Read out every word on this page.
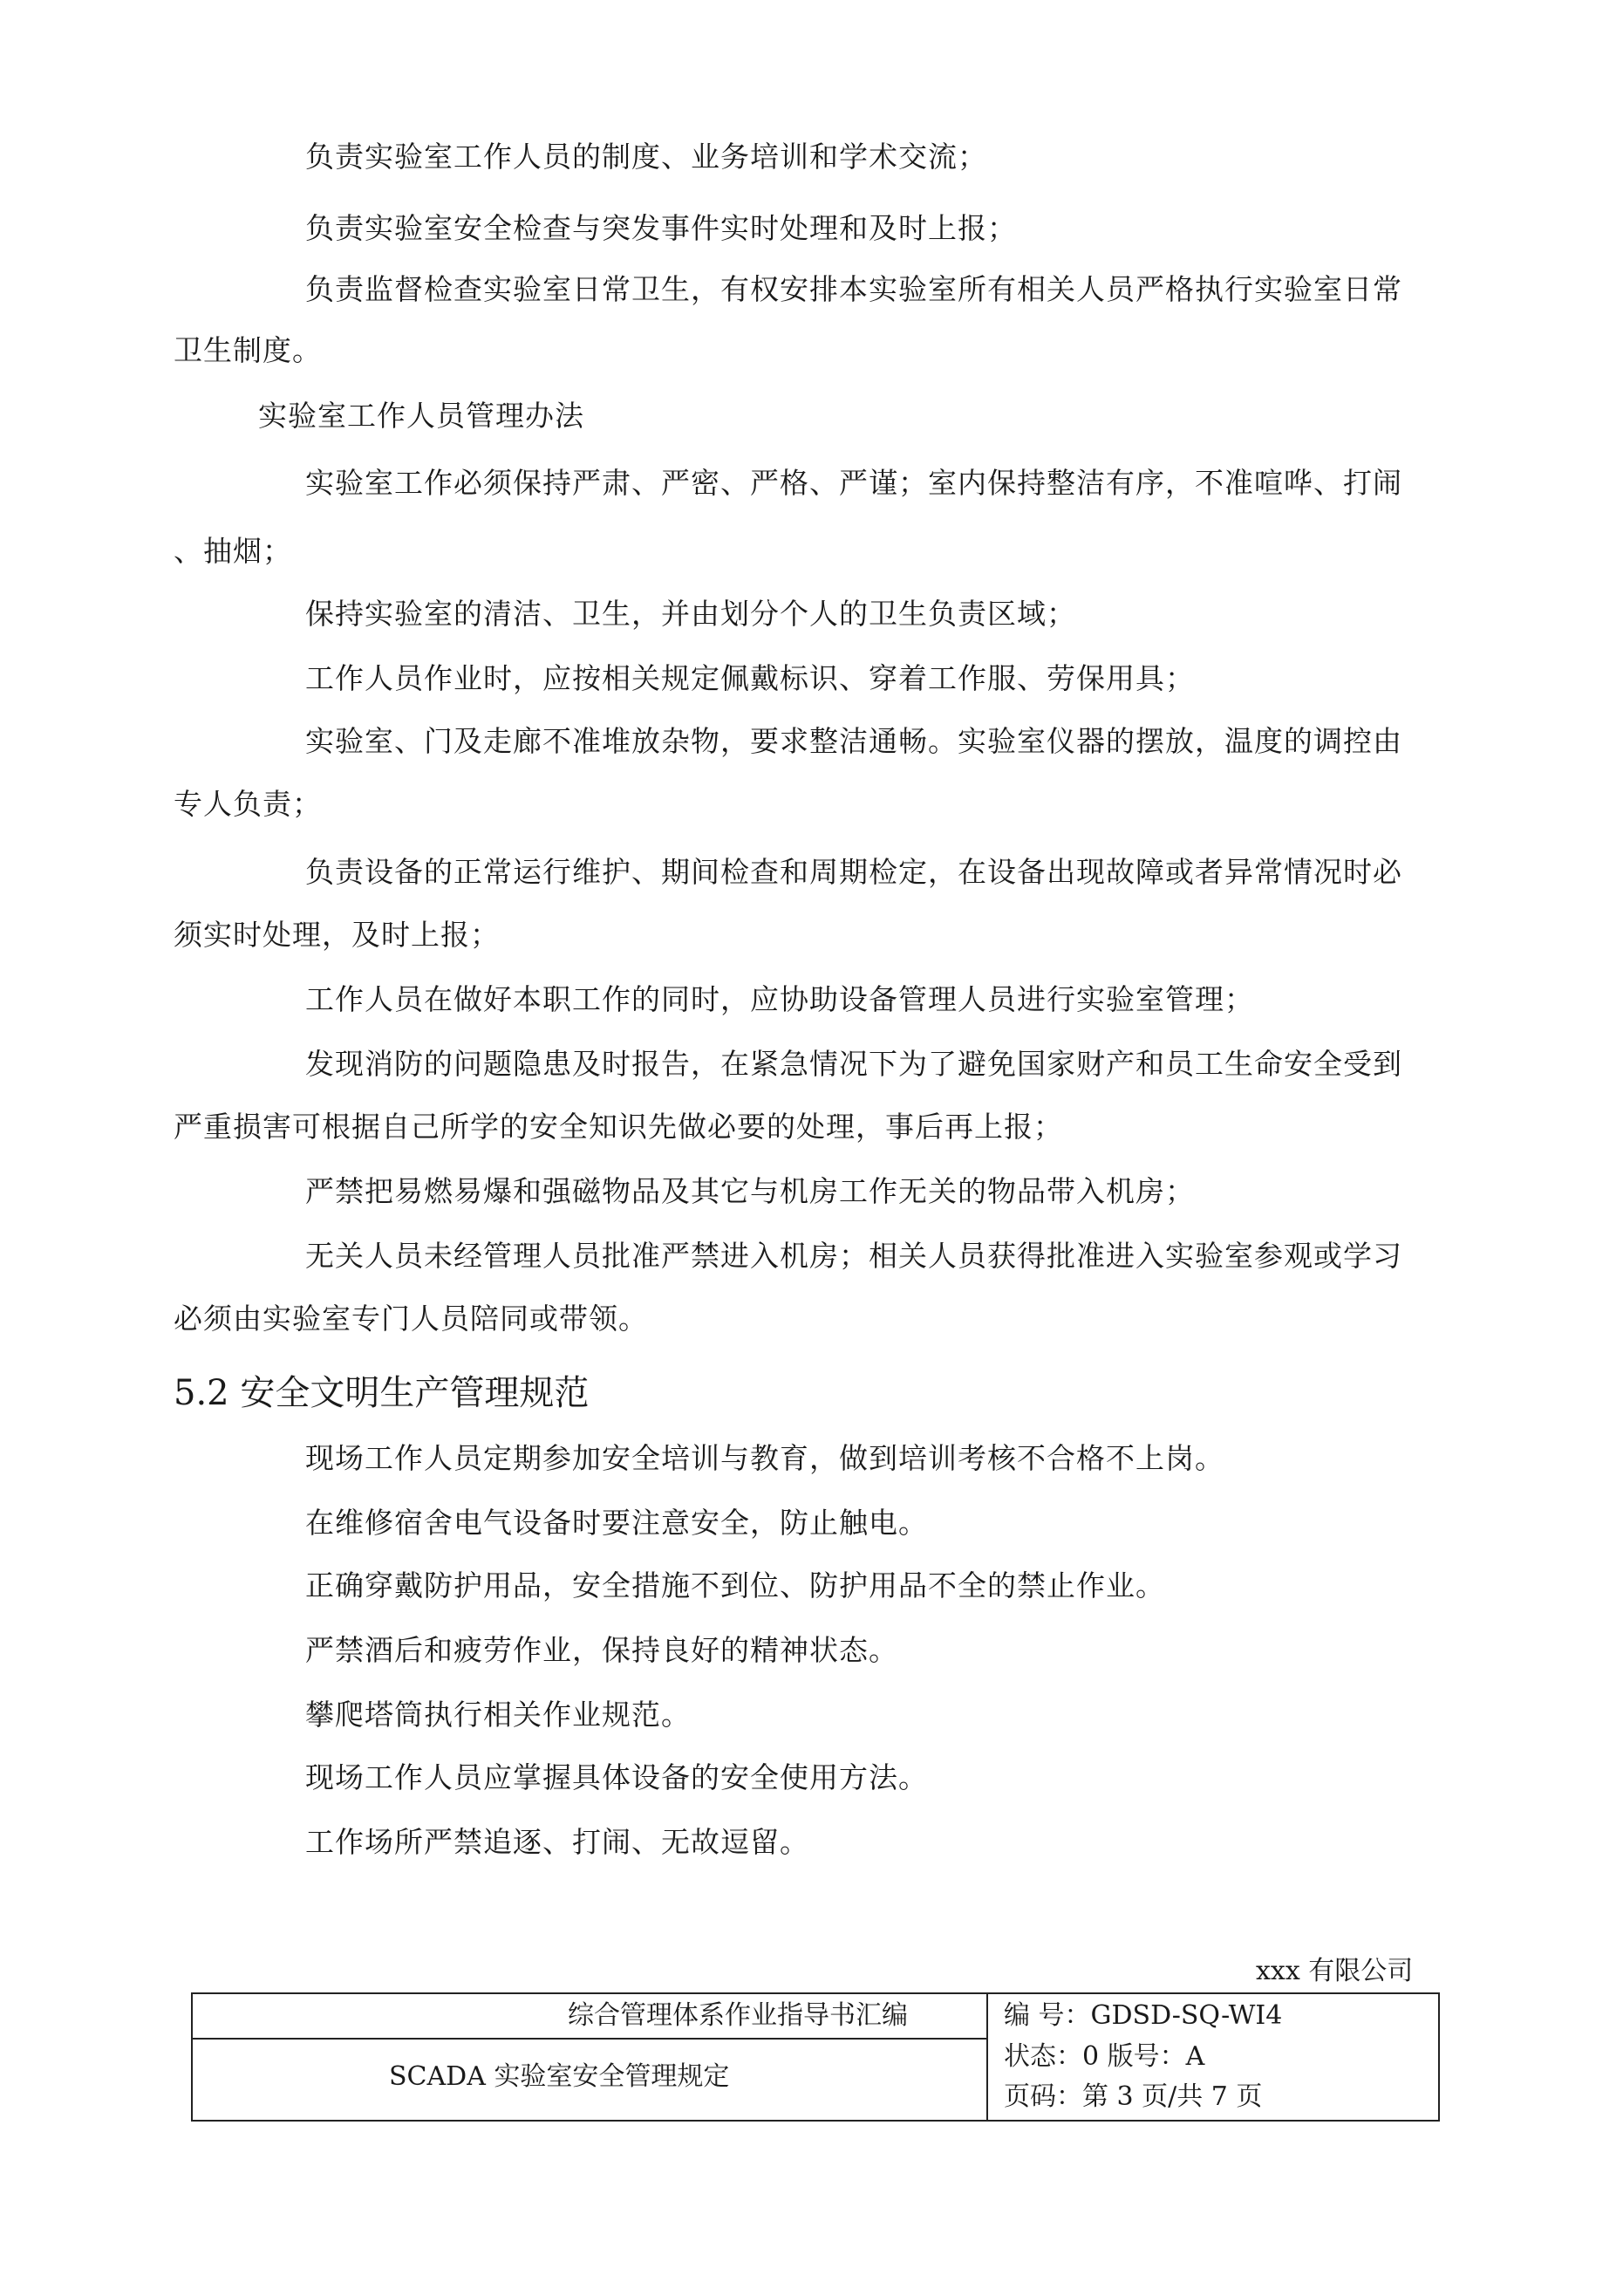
负责实验室工作人员的制度、业务培训和学术交流；

负责实验室安全检查与突发事件实时处理和及时上报；

负责监督检查实验室日常卫生，有权安排本实验室所有相关人员严格执行实验室日常

卫生制度。

实验室工作人员管理办法

实验室工作必须保持严肃、严密、严格、严谨；室内保持整洁有序，不准喧哗、打闹

、抽烟；

保持实验室的清洁、卫生，并由划分个人的卫生负责区域；

工作人员作业时，应按相关规定佩戴标识、穿着工作服、劳保用具；

实验室、门及走廊不准堆放杂物，要求整洁通畅。实验室仪器的摆放，温度的调控由

专人负责；

负责设备的正常运行维护、期间检查和周期检定，在设备出现故障或者异常情况时必

须实时处理，及时上报；

工作人员在做好本职工作的同时，应协助设备管理人员进行实验室管理；

发现消防的问题隐患及时报告，在紧急情况下为了避免国家财产和员工生命安全受到

严重损害可根据自己所学的安全知识先做必要的处理，事后再上报；

严禁把易燃易爆和强磁物品及其它与机房工作无关的物品带入机房；

无关人员未经管理人员批准严禁进入机房；相关人员获得批准进入实验室参观或学习

必须由实验室专门人员陪同或带领。

5.2 安全文明生产管理规范

现场工作人员定期参加安全培训与教育，做到培训考核不合格不上岗。

在维修宿舍电气设备时要注意安全，防止触电。

正确穿戴防护用品，安全措施不到位、防护用品不全的禁止作业。

严禁酒后和疲劳作业，保持良好的精神状态。

攀爬塔筒执行相关作业规范。

现场工作人员应掌握具体设备的安全使用方法。

工作场所严禁追逐、打闹、无故逗留。

xxx 有限公司
综合管理体系作业指导书汇编
SCADA 实验室安全管理规定
编 号：GDSD-SQ-WI4
状态：0 版号：A
页码：第 3 页/共 7 页
